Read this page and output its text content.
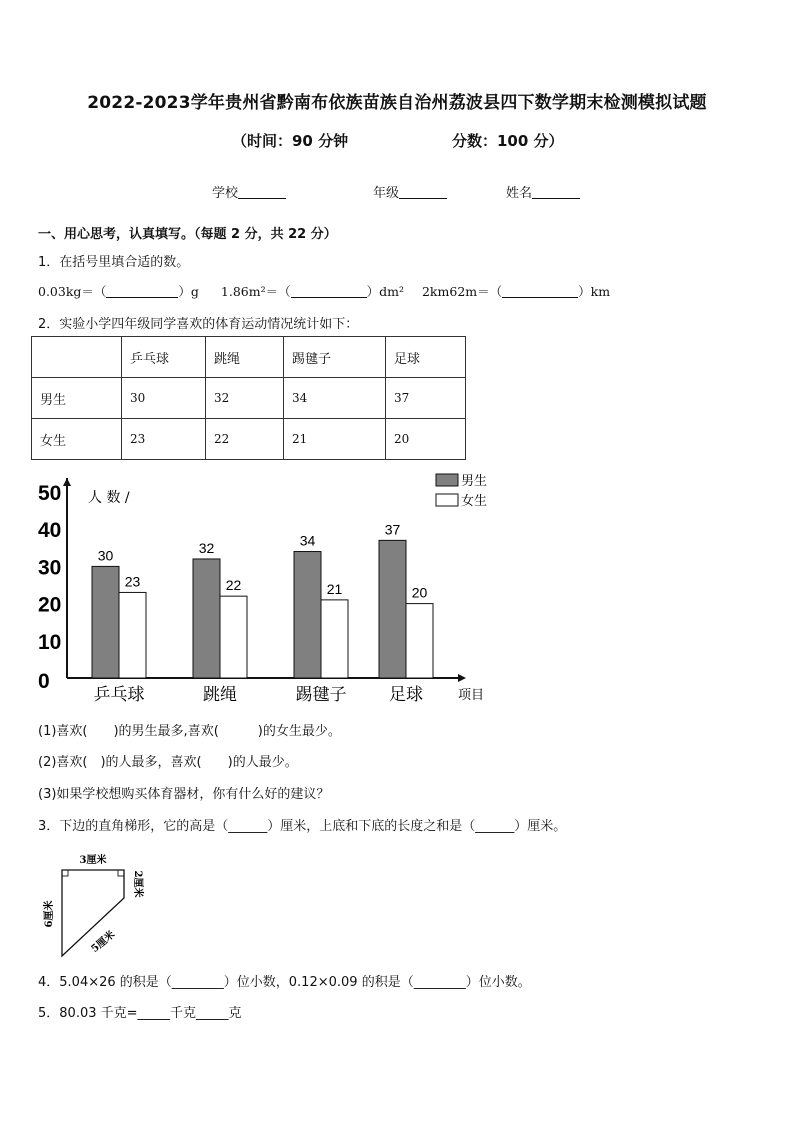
2022-2023学年贵州省黔南布依族苗族自治州荔波县四下数学期末检测模拟试题
（时间：90 分钟	分数：100 分）
学校	年级	姓名
一、用心思考，认真填写。（每题 2 分，共 22 分）
1．在括号里填合适的数。
0.03kg＝（	）g 1.86m²＝（	）dm² 2km62m＝（	）km
2．实验小学四年级同学喜欢的体育运动情况统计如下：
	乒乓球	跳绳	踢毽子	足球
男生	30	32	34	37
女生	23	22	21	20
50
40
30
20
10
0
人 数 /
30
23
乒乓球
32
22
跳绳
34
21
踢毽子
37
20
足球	项目
男生
女生
(1)喜欢(　　)的男生最多,喜欢(　　　)的女生最少。
(2)喜欢(　)的人最多，喜欢(　　)的人最少。
(3)如果学校想购买体育器材，你有什么好的建议？
3．下边的直角梯形，它的高是（______）厘米，上底和下底的长度之和是（______）厘米。
3厘米
2厘米
6厘米
5厘米
4．5.04×26 的积是（________）位小数，0.12×0.09 的积是（________）位小数。
5．80.03 千克=_____千克_____克
